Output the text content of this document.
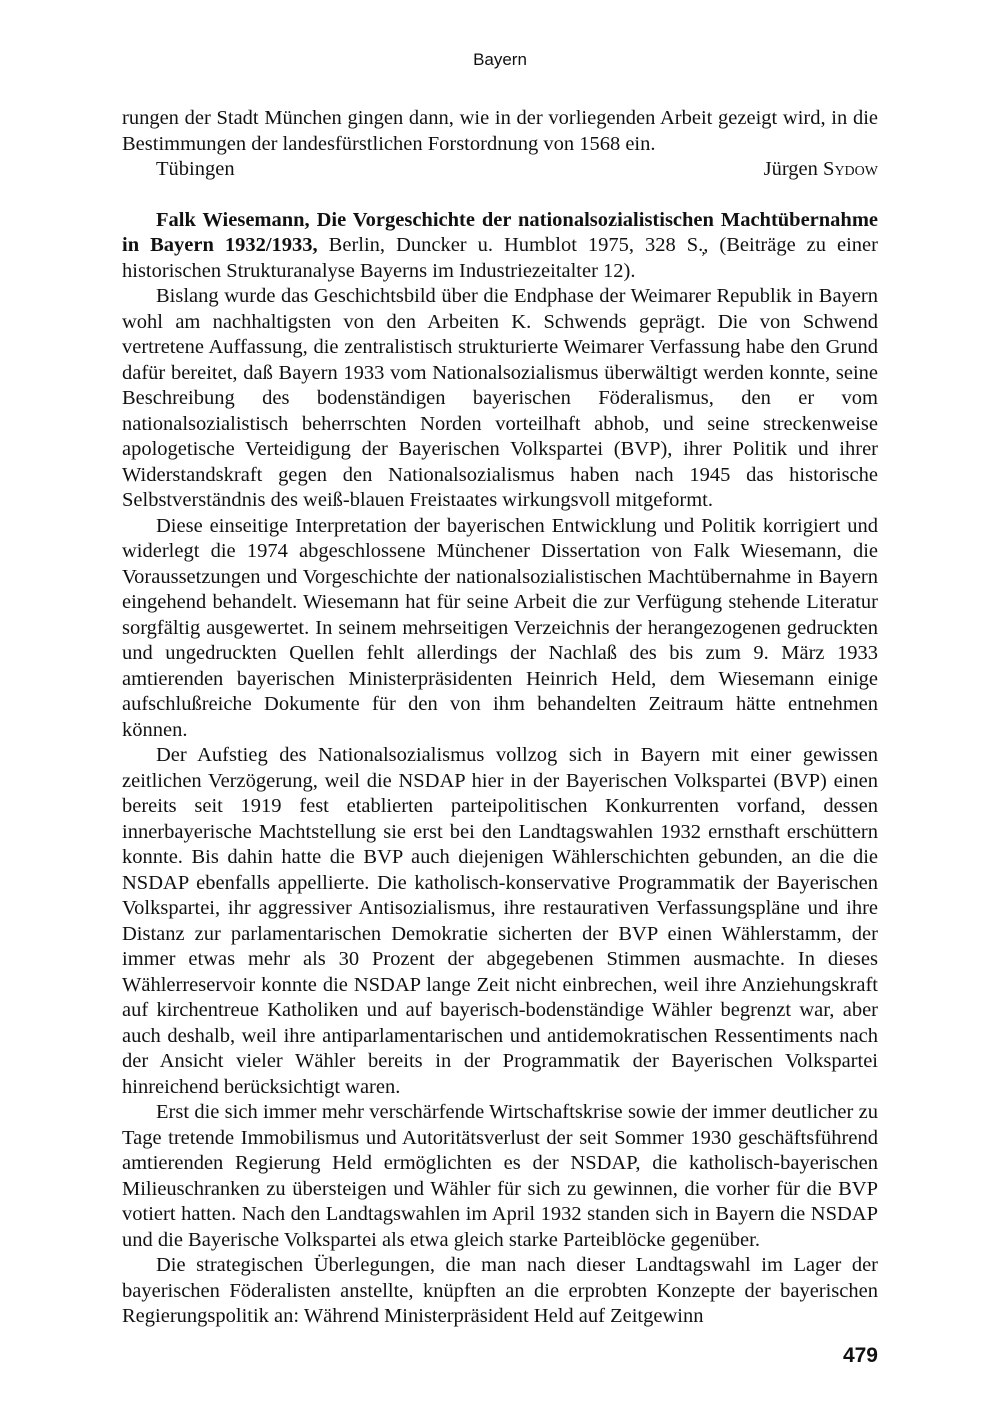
Bayern

rungen der Stadt München gingen dann, wie in der vorliegenden Arbeit gezeigt wird, in die Bestimmungen der landesfürstlichen Forstordnung von 1568 ein.

Tübingen	Jürgen Sydow

Falk Wiesemann, Die Vorgeschichte der nationalsozialistischen Machtübernahme in Bayern 1932/1933, Berlin, Duncker u. Humblot 1975, 328 S.̦, (Beiträge zu einer historischen Strukturanalyse Bayerns im Industriezeitalter 12).

Bislang wurde das Geschichtsbild über die Endphase der Weimarer Republik in Bayern wohl am nachhaltigsten von den Arbeiten K. Schwends geprägt. Die von Schwend vertretene Auffassung, die zentralistisch strukturierte Weimarer Verfassung habe den Grund dafür bereitet, daß Bayern 1933 vom Nationalsozialismus überwältigt werden konnte, seine Beschreibung des bodenständigen bayerischen Föderalismus, den er vom nationalsozialistisch beherrschten Norden vorteilhaft abhob, und seine streckenweise apologetische Verteidigung der Bayerischen Volkspartei (BVP), ihrer Politik und ihrer Widerstandskraft gegen den Nationalsozialismus haben nach 1945 das historische Selbstverständnis des weiß-blauen Freistaates wirkungsvoll mitgeformt.

Diese einseitige Interpretation der bayerischen Entwicklung und Politik korrigiert und widerlegt die 1974 abgeschlossene Münchener Dissertation von Falk Wiesemann, die Voraussetzungen und Vorgeschichte der nationalsozialistischen Machtübernahme in Bayern eingehend behandelt. Wiesemann hat für seine Arbeit die zur Verfügung stehende Literatur sorgfältig ausgewertet. In seinem mehrseitigen Verzeichnis der herangezogenen gedruckten und ungedruckten Quellen fehlt allerdings der Nachlaß des bis zum 9. März 1933 amtierenden bayerischen Ministerpräsidenten Heinrich Held, dem Wiesemann einige aufschlußreiche Dokumente für den von ihm behandelten Zeitraum hätte entnehmen können.

Der Aufstieg des Nationalsozialismus vollzog sich in Bayern mit einer gewissen zeitlichen Verzögerung, weil die NSDAP hier in der Bayerischen Volkspartei (BVP) einen bereits seit 1919 fest etablierten parteipolitischen Konkurrenten vorfand, dessen innerbayerische Machtstellung sie erst bei den Landtagswahlen 1932 ernsthaft erschüttern konnte. Bis dahin hatte die BVP auch diejenigen Wählerschichten gebunden, an die die NSDAP ebenfalls appellierte. Die katholisch-konservative Programmatik der Bayerischen Volkspartei, ihr aggressiver Antisozialismus, ihre restaurativen Verfassungspläne und ihre Distanz zur parlamentarischen Demokratie sicherten der BVP einen Wählerstamm, der immer etwas mehr als 30 Prozent der abgegebenen Stimmen ausmachte. In dieses Wählerreservoir konnte die NSDAP lange Zeit nicht einbrechen, weil ihre Anziehungskraft auf kirchentreue Katholiken und auf bayerisch-bodenständige Wähler begrenzt war, aber auch deshalb, weil ihre antiparlamentarischen und antidemokratischen Ressentiments nach der Ansicht vieler Wähler bereits in der Programmatik der Bayerischen Volkspartei hinreichend berücksichtigt waren.

Erst die sich immer mehr verschärfende Wirtschaftskrise sowie der immer deutlicher zu Tage tretende Immobilismus und Autoritätsverlust der seit Sommer 1930 geschäftsführend amtierenden Regierung Held ermöglichten es der NSDAP, die katholisch-bayerischen Milieuschranken zu übersteigen und Wähler für sich zu gewinnen, die vorher für die BVP votiert hatten. Nach den Landtagswahlen im April 1932 standen sich in Bayern die NSDAP und die Bayerische Volkspartei als etwa gleich starke Parteiblöcke gegenüber.

Die strategischen Überlegungen, die man nach dieser Landtagswahl im Lager der bayerischen Föderalisten anstellte, knüpften an die erprobten Konzepte der bayerischen Regierungspolitik an: Während Ministerpräsident Held auf Zeitgewinn

479
